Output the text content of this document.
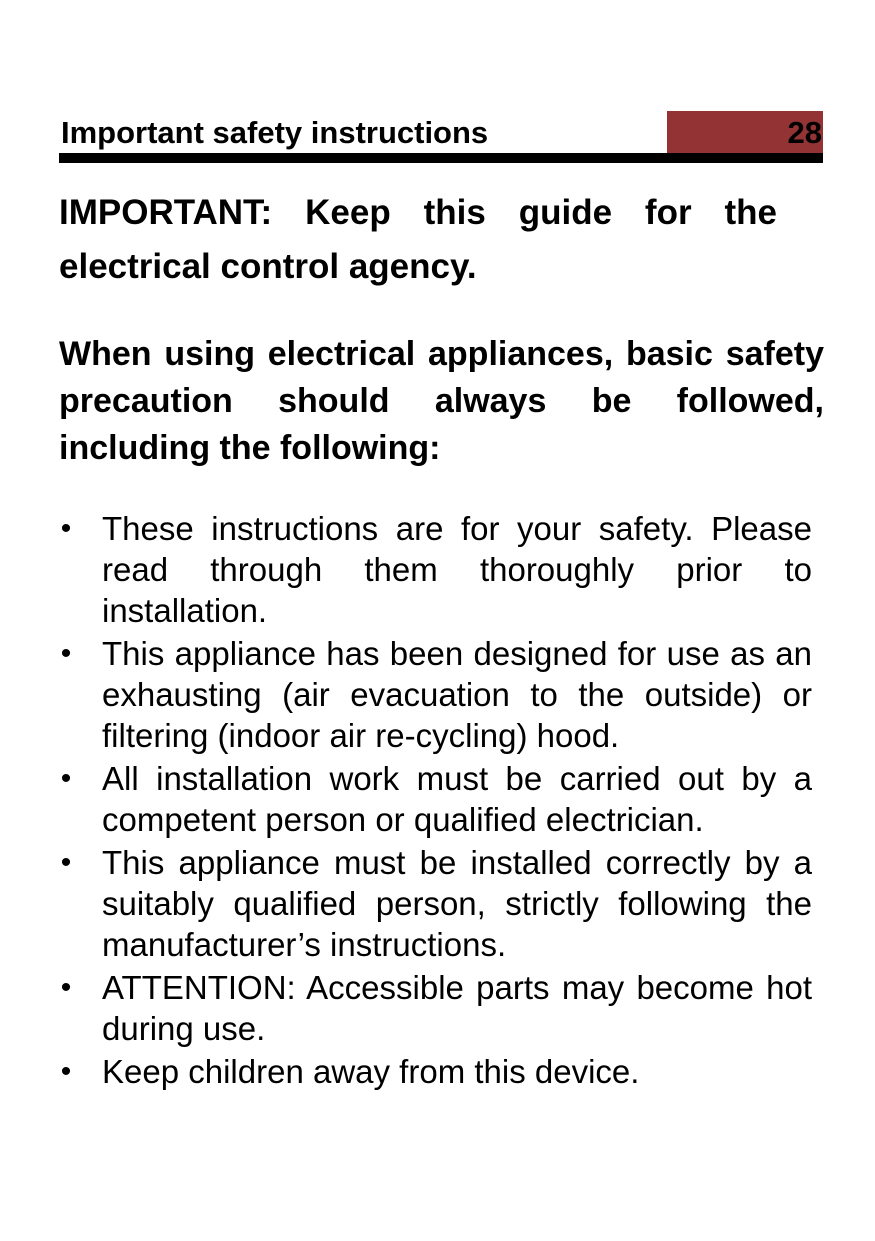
Important safety instructions	28

IMPORTANT: Keep this guide for the electrical control agency.

When using electrical appliances, basic safety precaution should always be followed, including the following:

• These instructions are for your safety. Please read through them thoroughly prior to installation.
• This appliance has been designed for use as an exhausting (air evacuation to the outside) or filtering (indoor air re-cycling) hood.
• All installation work must be carried out by a competent person or qualified electrician.
• This appliance must be installed correctly by a suitably qualified person, strictly following the manufacturer’s instructions.
• ATTENTION: Accessible parts may become hot during use.
• Keep children away from this device.
